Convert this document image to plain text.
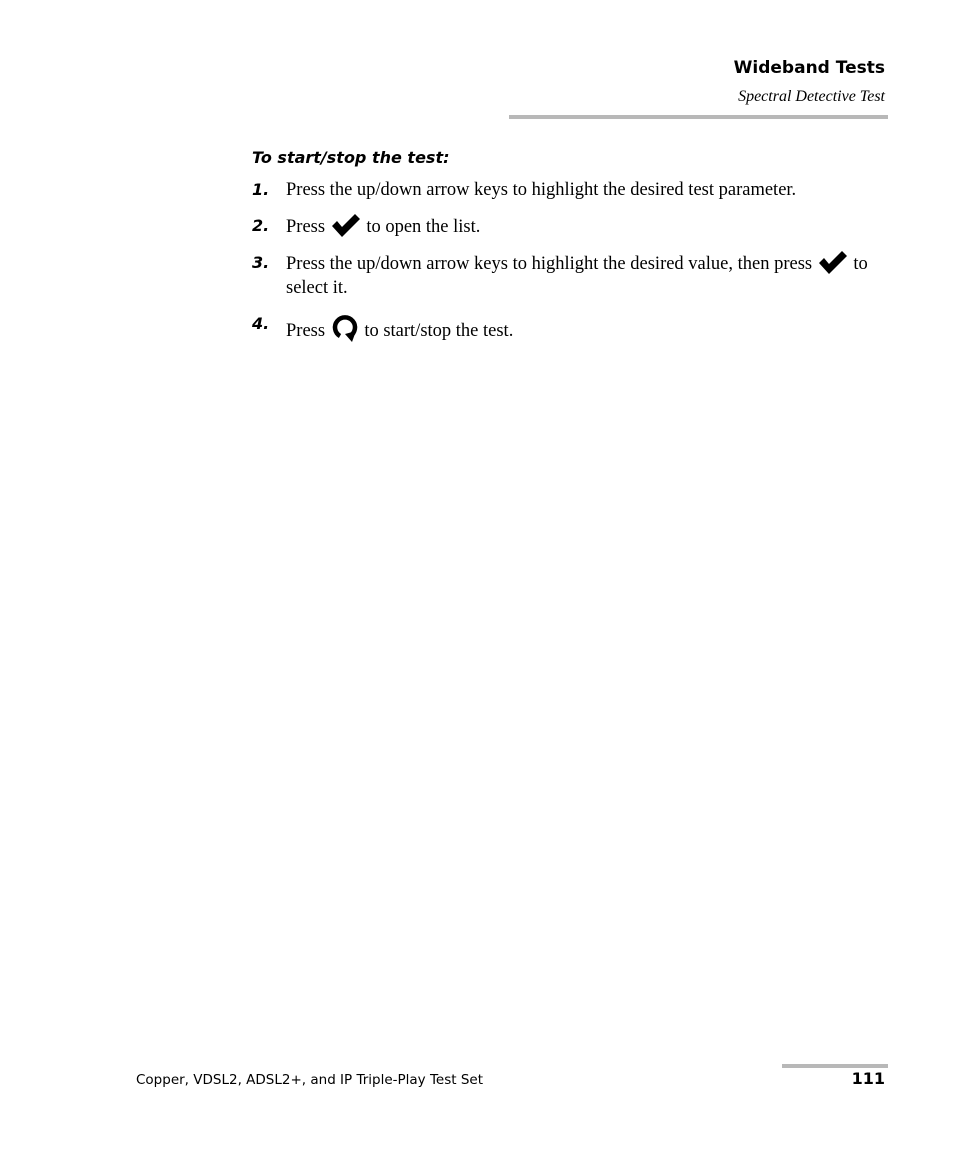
Wideband Tests
Spectral Detective Test
To start/stop the test:
1. Press the up/down arrow keys to highlight the desired test parameter.
2. Press to open the list.
3. Press the up/down arrow keys to highlight the desired value, then press to select it.
4. Press to start/stop the test.
Copper, VDSL2, ADSL2+, and IP Triple-Play Test Set	111
